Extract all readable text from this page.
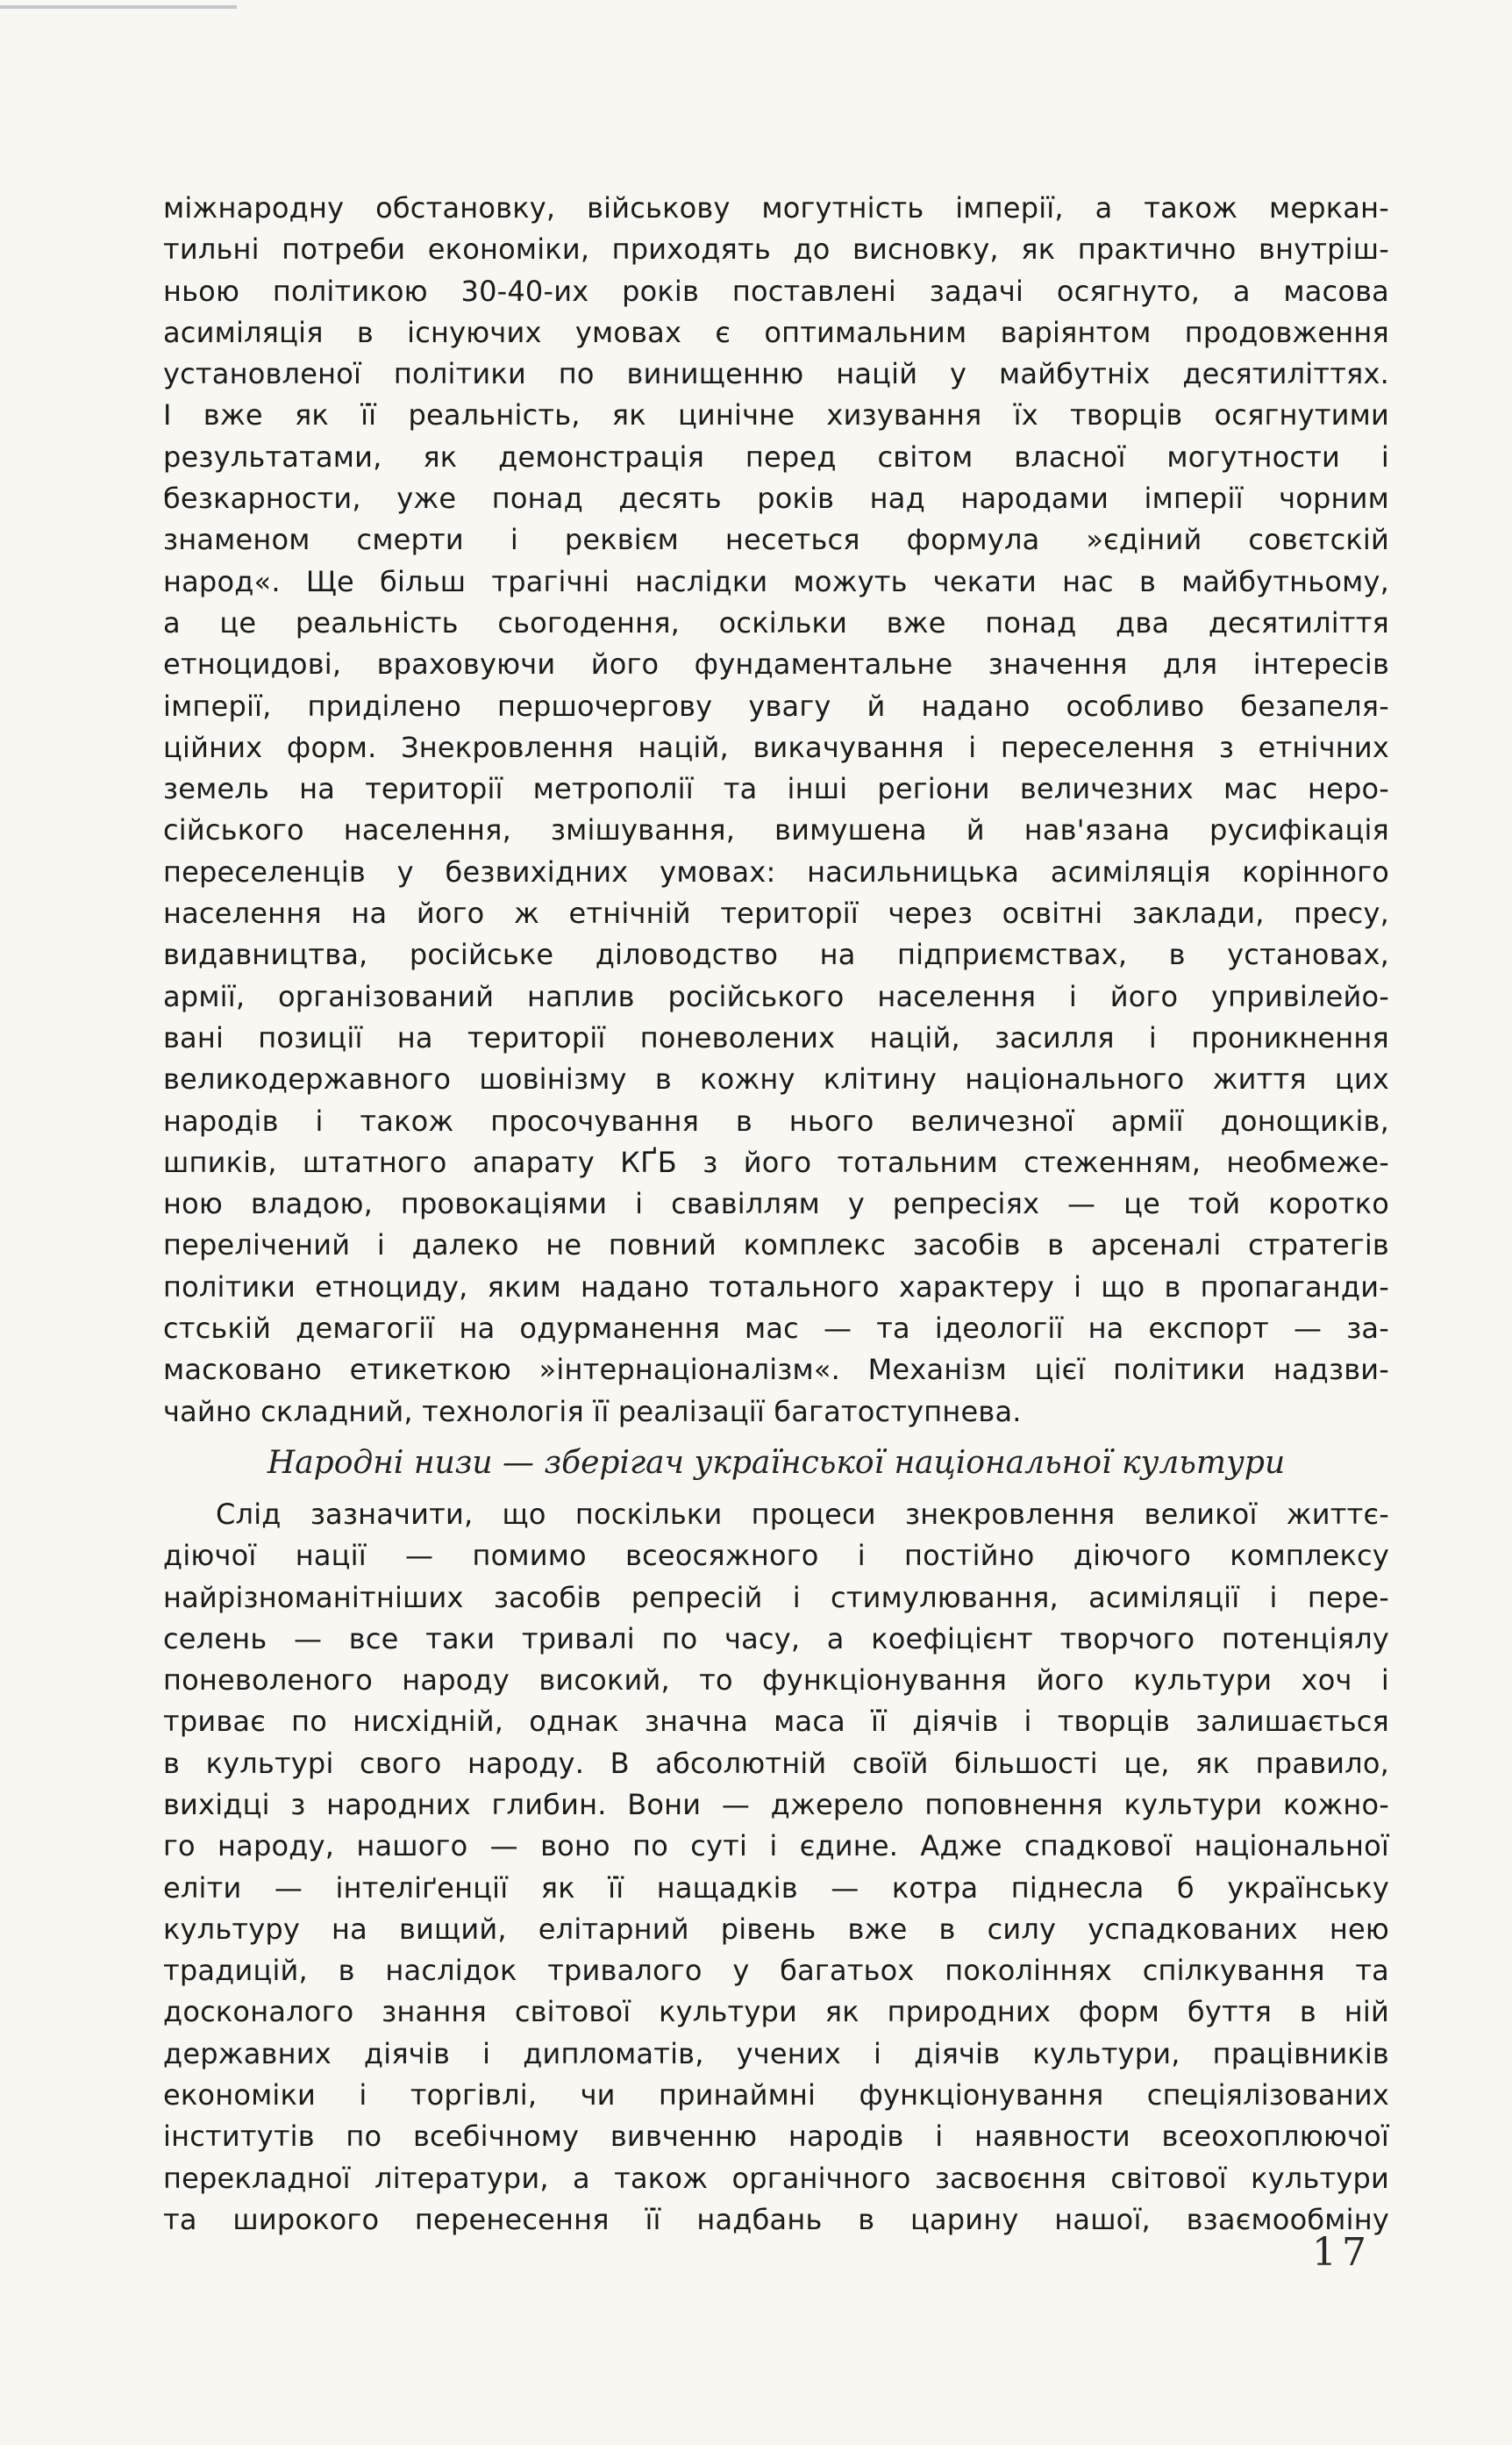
міжнародну обстановку, військову могутність імперії, а також меркан-
тильні потреби економіки, приходять до висновку, як практично внутріш-
ньою політикою 30-40-их років поставлені задачі осягнуто, а масова
асиміляція в існуючих умовах є оптимальним варіянтом продовження
установленої політики по винищенню націй у майбутніх десятиліттях.
І вже як її реальність, як цинічне хизування їх творців осягнутими
результатами, як демонстрація перед світом власної могутности і
безкарности, уже понад десять років над народами імперії чорним
знаменом смерти і реквієм несеться формула »єдіний совєтскій
народ«. Ще більш трагічні наслідки можуть чекати нас в майбутньому,
а це реальність сьогодення, оскільки вже понад два десятиліття
етноцидові, враховуючи його фундаментальне значення для інтересів
імперії, приділено першочергову увагу й надано особливо безапеля-
ційних форм. Знекровлення націй, викачування і переселення з етнічних
земель на території метрополії та інші регіони величезних мас неро-
сійського населення, змішування, вимушена й нав'язана русифікація
переселенців у безвихідних умовах: насильницька асиміляція корінного
населення на його ж етнічній території через освітні заклади, пресу,
видавництва, російське діловодство на підприємствах, в установах,
армії, організований наплив російського населення і його упривілейо-
вані позиції на території поневолених націй, засилля і проникнення
великодержавного шовінізму в кожну клітину національного життя цих
народів і також просочування в нього величезної армії донощиків,
шпиків, штатного апарату КҐБ з його тотальним стеженням, необмеже-
ною владою, провокаціями і свавіллям у репресіях — це той коротко
перелічений і далеко не повний комплекс засобів в арсеналі стратегів
політики етноциду, яким надано тотального характеру і що в пропаганди-
стській демагогії на одурманення мас — та ідеології на експорт — за-
масковано етикеткою »інтернаціоналізм«. Механізм цієї політики надзви-
чайно складний, технологія її реалізації багатоступнева.
Народні низи — зберігач української національної культури
Слід зазначити, що поскільки процеси знекровлення великої життє-
діючої нації — помимо всеосяжного і постійно діючого комплексу
найрізноманітніших засобів репресій і стимулювання, асиміляції і пере-
селень — все таки тривалі по часу, а коефіцієнт творчого потенціялу
поневоленого народу високий, то функціонування його культури хоч і
триває по нисхідній, однак значна маса її діячів і творців залишається
в культурі свого народу. В абсолютній своїй більшості це, як правило,
вихідці з народних глибин. Вони — джерело поповнення культури кожно-
го народу, нашого — воно по суті і єдине. Адже спадкової національної
еліти — інтеліґенції як її нащадків — котра піднесла б українську
культуру на вищий, елітарний рівень вже в силу успадкованих нею
традицій, в наслідок тривалого у багатьох поколіннях спілкування та
досконалого знання світової культури як природних форм буття в ній
державних діячів і дипломатів, учених і діячів культури, працівників
економіки і торгівлі, чи принаймні функціонування спеціялізованих
інститутів по всебічному вивченню народів і наявности всеохоплюючої
перекладної літератури, а також органічного засвоєння світової культури
та широкого перенесення її надбань в царину нашої, взаємообміну
17
